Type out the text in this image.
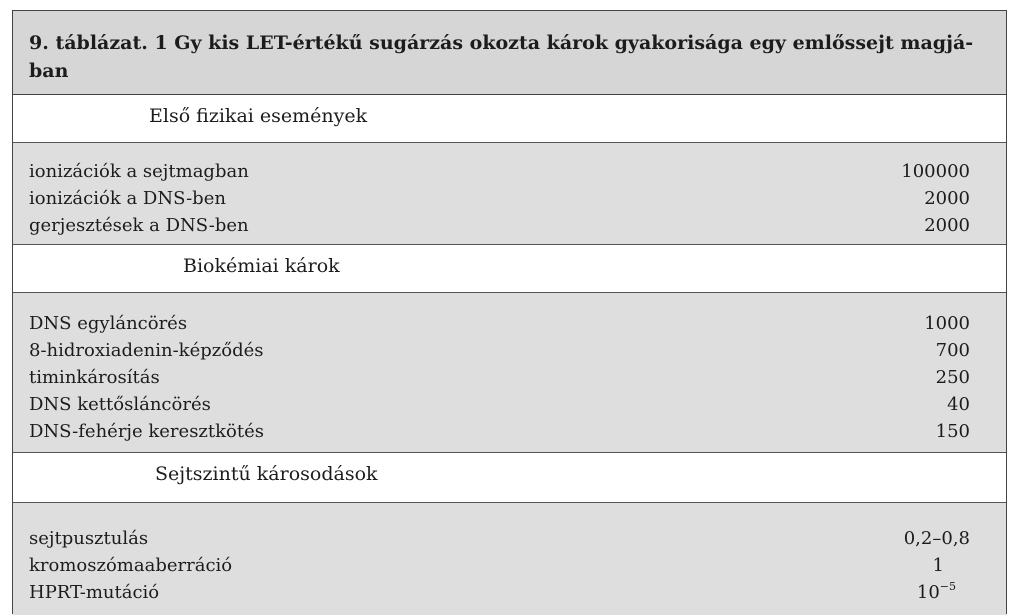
9. táblázat. 1 Gy kis LET-értékű sugárzás okozta károk gyakorisága egy emlőssejt magjá-
ban
Első fizikai események
ionizációk a sejtmagban	100000
ionizációk a DNS-ben	2000
gerjesztések a DNS-ben	2000
Biokémiai károk
DNS egyláncörés	1000
8-hidroxiadenin-képződés	700
timinkárosítás	250
DNS kettősláncörés	40
DNS-fehérje keresztkötés	150
Sejtszintű károsodások
sejtpusztulás	0,2–0,8
kromoszómaaberráció	1
HPRT-mutáció	$10^{-5}$
